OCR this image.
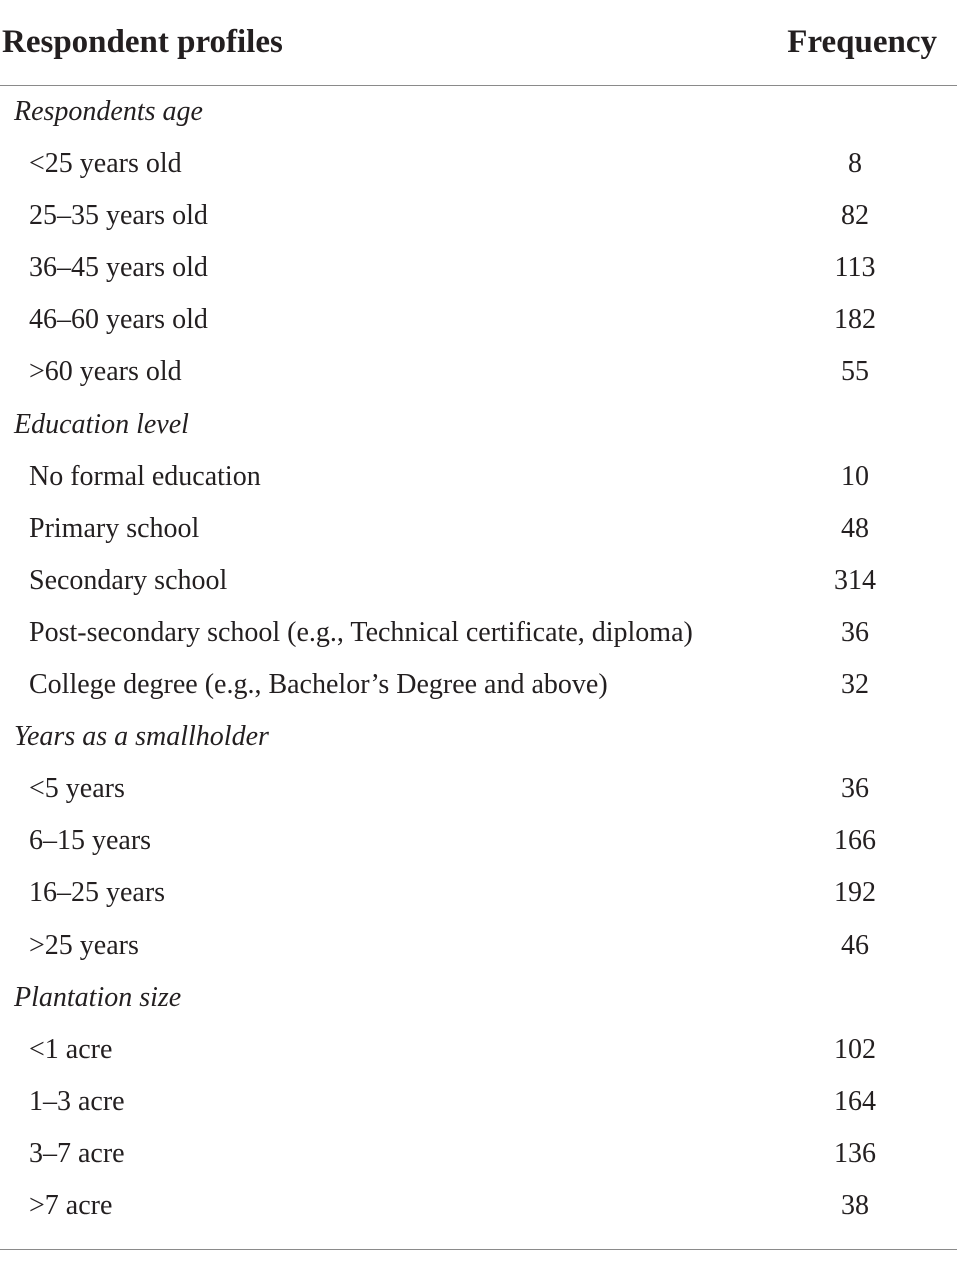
Respondent profiles	Frequency
Respondents age
<25 years old	8
25–35 years old	82
36–45 years old	113
46–60 years old	182
>60 years old	55
Education level
No formal education	10
Primary school	48
Secondary school	314
Post-secondary school (e.g., Technical certificate, diploma)	36
College degree (e.g., Bachelor’s Degree and above)	32
Years as a smallholder
<5 years	36
6–15 years	166
16–25 years	192
>25 years	46
Plantation size
<1 acre	102
1–3 acre	164
3–7 acre	136
>7 acre	38
